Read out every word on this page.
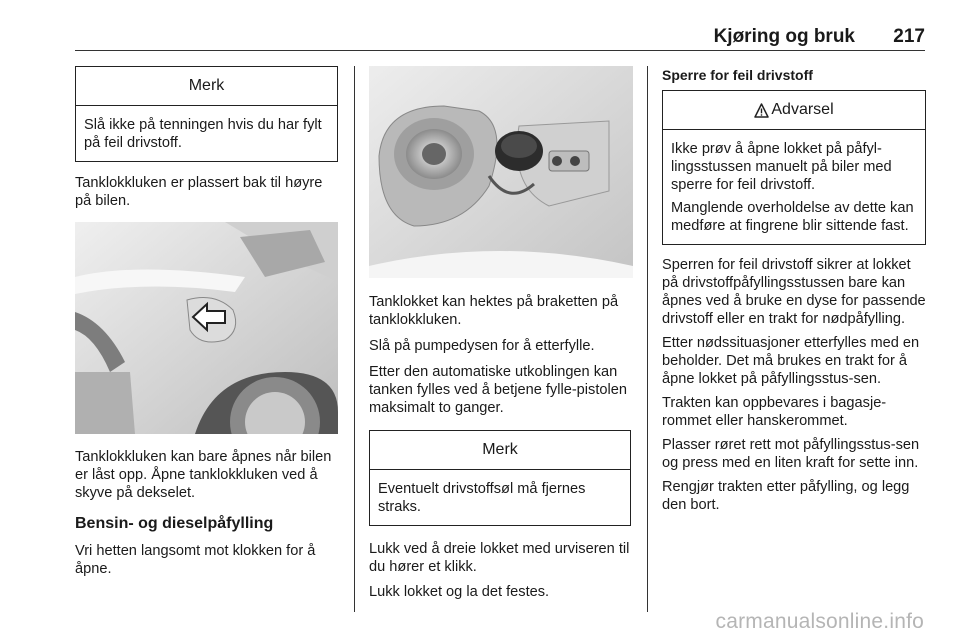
Kjøring og bruk 217
Merk

Slå ikke på tenningen hvis du har fylt på feil drivstoff.

Tanklokkluken er plassert bak til høyre på bilen.

Tanklokkluken kan bare åpnes når bilen er låst opp. Åpne tanklokkluken ved å skyve på dekselet.

Bensin- og dieselpåfylling

Vri hetten langsomt mot klokken for å åpne.

Tanklokket kan hektes på braketten på tanklokkluken.

Slå på pumpedysen for å etterfylle.

Etter den automatiske utkoblingen kan tanken fylles ved å betjene fylle-pistolen maksimalt to ganger.

Merk

Eventuelt drivstoffsøl må fjernes straks.

Lukk ved å dreie lokket med urviseren til du hører et klikk.

Lukk lokket og la det festes.

Sperre for feil drivstoff
Advarsel

Ikke prøv å åpne lokket på påfyl-lingsstussen manuelt på biler med sperre for feil drivstoff.

Manglende overholdelse av dette kan medføre at fingrene blir sittende fast.

Sperren for feil drivstoff sikrer at lokket på drivstoffpåfyllingsstussen bare kan åpnes ved å bruke en dyse for passende drivstoff eller en trakt for nødpåfylling.

Etter nødssituasjoner etterfylles med en beholder. Det må brukes en trakt for å åpne lokket på påfyllingsstus-sen.

Trakten kan oppbevares i bagasje-rommet eller hanskerommet.

Plasser røret rett mot påfyllingsstus-sen og press med en liten kraft for sette inn.

Rengjør trakten etter påfylling, og legg den bort.

carmanualsonline.info
